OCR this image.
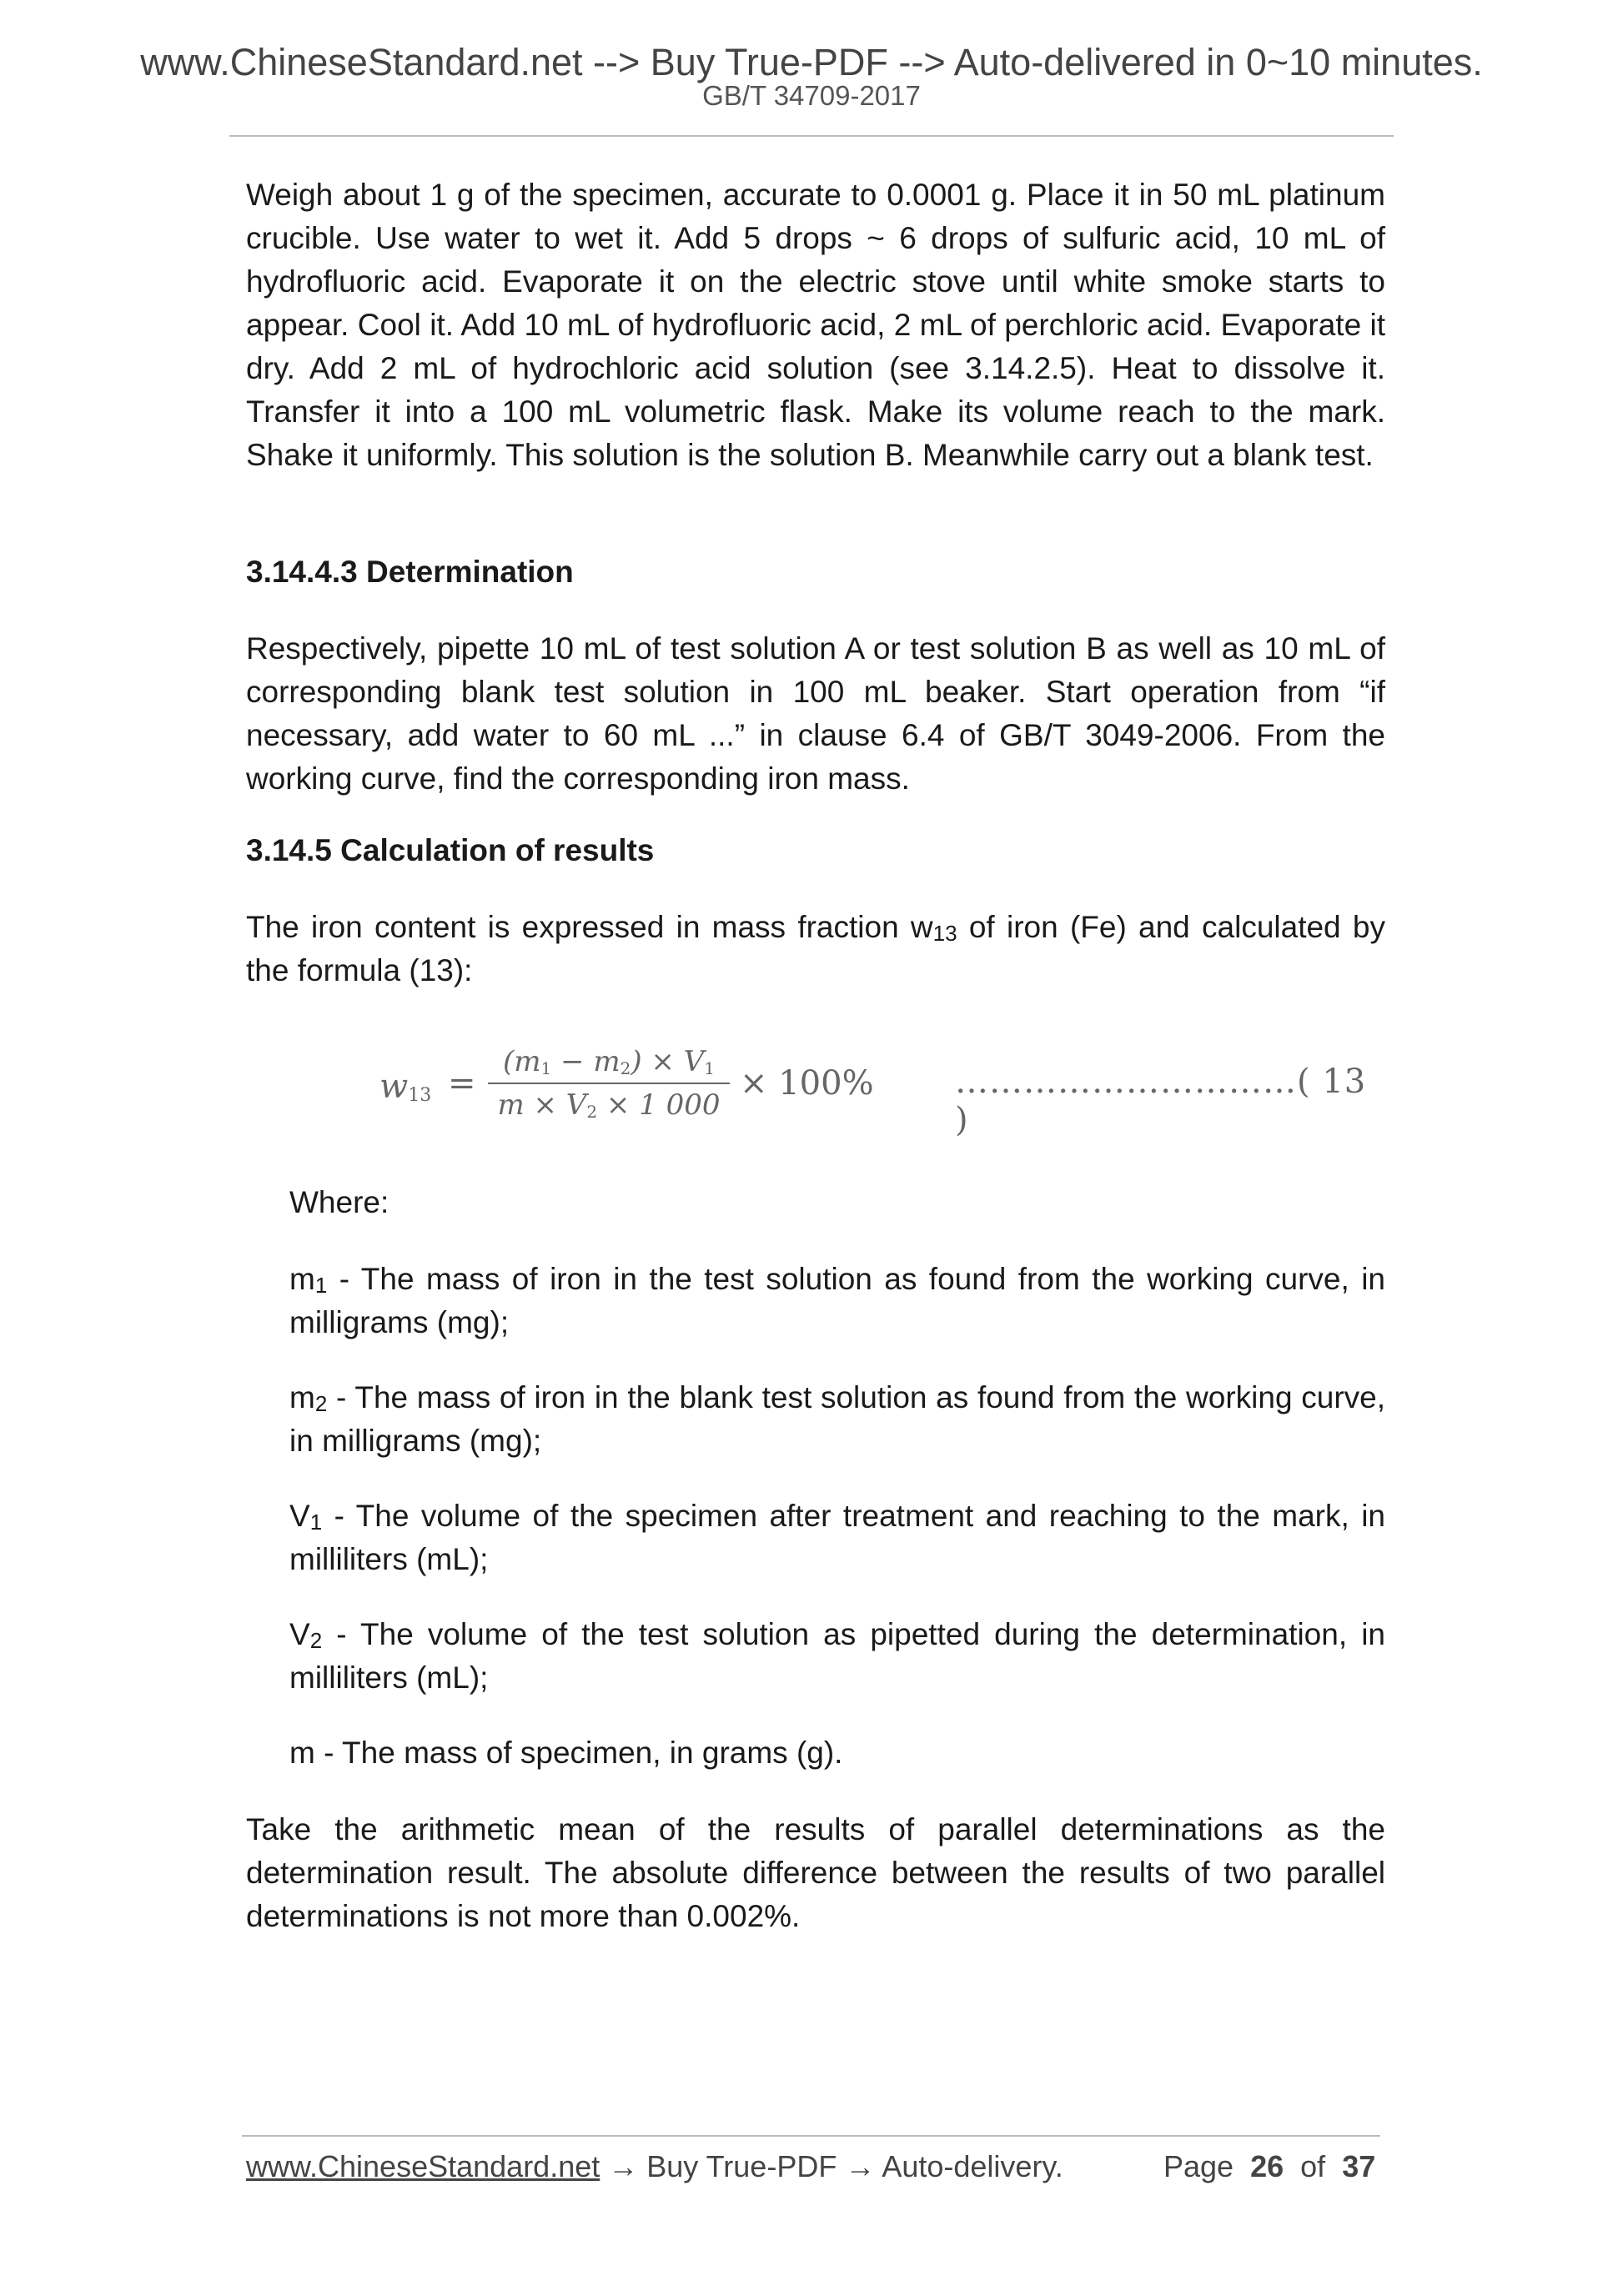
www.ChineseStandard.net --> Buy True-PDF --> Auto-delivered in 0~10 minutes.
GB/T 34709-2017

Weigh about 1 g of the specimen, accurate to 0.0001 g. Place it in 50 mL platinum crucible. Use water to wet it. Add 5 drops ~ 6 drops of sulfuric acid, 10 mL of hydrofluoric acid. Evaporate it on the electric stove until white smoke starts to appear. Cool it. Add 10 mL of hydrofluoric acid, 2 mL of perchloric acid. Evaporate it dry. Add 2 mL of hydrochloric acid solution (see 3.14.2.5). Heat to dissolve it. Transfer it into a 100 mL volumetric flask. Make its volume reach to the mark. Shake it uniformly. This solution is the solution B. Meanwhile carry out a blank test.

3.14.4.3 Determination

Respectively, pipette 10 mL of test solution A or test solution B as well as 10 mL of corresponding blank test solution in 100 mL beaker. Start operation from “if necessary, add water to 60 mL ...” in clause 6.4 of GB/T 3049-2006. From the working curve, find the corresponding iron mass.

3.14.5 Calculation of results

The iron content is expressed in mass fraction $w_{13}$ of iron (Fe) and calculated by the formula (13):

$w_{13}$ =
$(m_1 - m_2) \times V_1$
$m \times V_2 \times 1$ 000
× 100% …………………………( 13 )

Where:

$m_1$ - The mass of iron in the test solution as found from the working curve, in milligrams (mg);

$m_2$ - The mass of iron in the blank test solution as found from the working curve, in milligrams (mg);

$V_1$ - The volume of the specimen after treatment and reaching to the mark, in milliliters (mL);

$V_2$ - The volume of the test solution as pipetted during the determination, in milliliters (mL);

m - The mass of specimen, in grams (g).

Take the arithmetic mean of the results of parallel determinations as the determination result. The absolute difference between the results of two parallel determinations is not more than 0.002%.

www.ChineseStandard.net → Buy True-PDF → Auto-delivery.	Page 26 of 37
